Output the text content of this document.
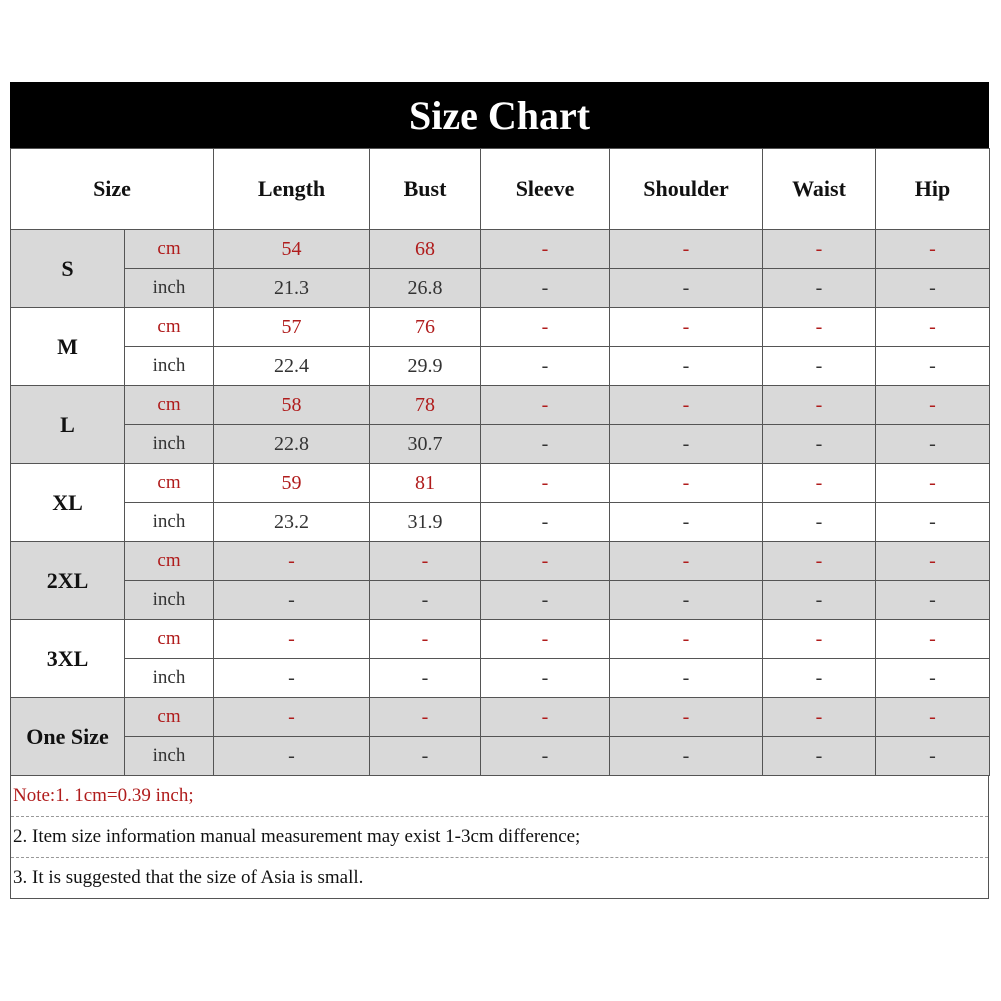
Size Chart
Size		Length	Bust	Sleeve	Shoulder	Waist	Hip
S	cm	54	68	-	-	-	-
	inch	21.3	26.8	-	-	-	-
M	cm	57	76	-	-	-	-
	inch	22.4	29.9	-	-	-	-
L	cm	58	78	-	-	-	-
	inch	22.8	30.7	-	-	-	-
XL	cm	59	81	-	-	-	-
	inch	23.2	31.9	-	-	-	-
2XL	cm	-	-	-	-	-	-
	inch	-	-	-	-	-	-
3XL	cm	-	-	-	-	-	-
	inch	-	-	-	-	-	-
One Size	cm	-	-	-	-	-	-
	inch	-	-	-	-	-	-
Note:1. 1cm=0.39 inch;
2. Item size information manual measurement may exist 1-3cm difference;
3. It is suggested that the size of Asia is small.
